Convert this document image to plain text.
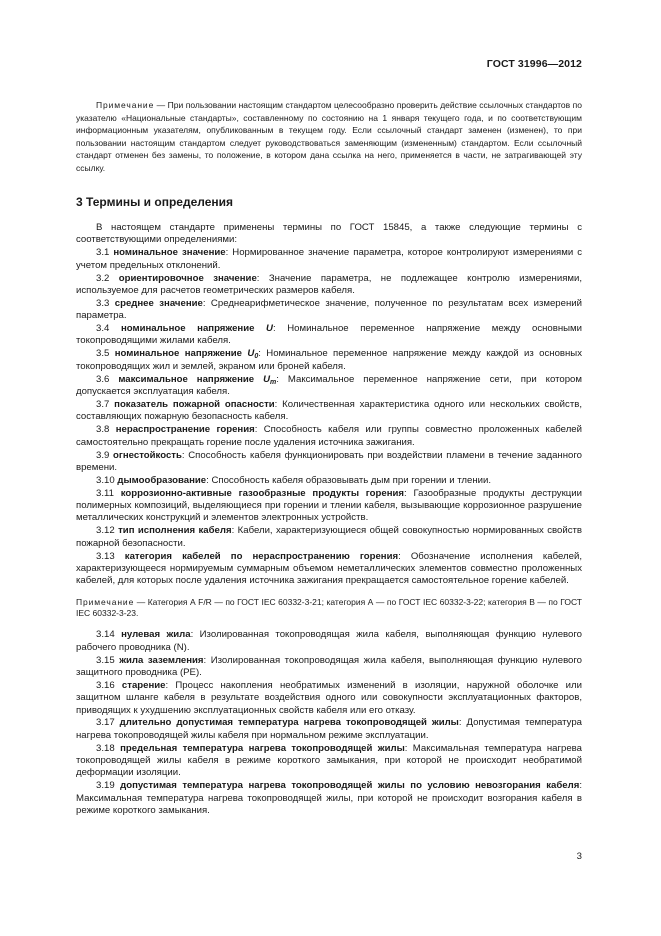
ГОСТ 31996—2012

Примечание — При пользовании настоящим стандартом целесообразно проверить действие ссылочных стандартов по указателю «Национальные стандарты», составленному по состоянию на 1 января текущего года, и по соответствующим информационным указателям, опубликованным в текущем году. Если ссылочный стандарт заменен (изменен), то при пользовании настоящим стандартом следует руководствоваться заменяющим (измененным) стандартом. Если ссылочный стандарт отменен без замены, то положение, в котором дана ссылка на него, применяется в части, не затрагивающей эту ссылку.

3 Термины и определения

В настоящем стандарте применены термины по ГОСТ 15845, а также следующие термины с соответствующими определениями:

3.1 номинальное значение: Нормированное значение параметра, которое контролируют измерениями с учетом предельных отклонений.

3.2 ориентировочное значение: Значение параметра, не подлежащее контролю измерениями, используемое для расчетов геометрических размеров кабеля.

3.3 среднее значение: Среднеарифметическое значение, полученное по результатам всех измерений параметра.

3.4 номинальное напряжение U: Номинальное переменное напряжение между основными токопроводящими жилами кабеля.

3.5 номинальное напряжение $U_0$: Номинальное переменное напряжение между каждой из основных токопроводящих жил и землей, экраном или броней кабеля.

3.6 максимальное напряжение $U_m$: Максимальное переменное напряжение сети, при котором допускается эксплуатация кабеля.

3.7 показатель пожарной опасности: Количественная характеристика одного или нескольких свойств, составляющих пожарную безопасность кабеля.

3.8 нераспространение горения: Способность кабеля или группы совместно проложенных кабелей самостоятельно прекращать горение после удаления источника зажигания.

3.9 огнестойкость: Способность кабеля функционировать при воздействии пламени в течение заданного времени.

3.10 дымообразование: Способность кабеля образовывать дым при горении и тлении.

3.11 коррозионно-активные газообразные продукты горения: Газообразные продукты деструкции полимерных композиций, выделяющиеся при горении и тлении кабеля, вызывающие коррозионное разрушение металлических конструкций и элементов электронных устройств.

3.12 тип исполнения кабеля: Кабели, характеризующиеся общей совокупностью нормированных свойств пожарной безопасности.

3.13 категория кабелей по нераспространению горения: Обозначение исполнения кабелей, характеризующееся нормируемым суммарным объемом неметаллических элементов совместно проложенных кабелей, для которых после удаления источника зажигания прекращается самостоятельное горение кабелей.

Примечание — Категория А F/R — по ГОСТ IEC 60332-3-21; категория А — по ГОСТ IEC 60332-3-22; категория В — по ГОСТ IEC 60332-3-23.

3.14 нулевая жила: Изолированная токопроводящая жила кабеля, выполняющая функцию нулевого рабочего проводника (N).

3.15 жила заземления: Изолированная токопроводящая жила кабеля, выполняющая функцию нулевого защитного проводника (PE).

3.16 старение: Процесс накопления необратимых изменений в изоляции, наружной оболочке или защитном шланге кабеля в результате воздействия одного или совокупности эксплуатационных факторов, приводящих к ухудшению эксплуатационных свойств кабеля или его отказу.

3.17 длительно допустимая температура нагрева токопроводящей жилы: Допустимая температура нагрева токопроводящей жилы кабеля при нормальном режиме эксплуатации.

3.18 предельная температура нагрева токопроводящей жилы: Максимальная температура нагрева токопроводящей жилы кабеля в режиме короткого замыкания, при которой не происходит необратимой деформации изоляции.

3.19 допустимая температура нагрева токопроводящей жилы по условию невозгорания кабеля: Максимальная температура нагрева токопроводящей жилы, при которой не происходит возгорания кабеля в режиме короткого замыкания.

3
